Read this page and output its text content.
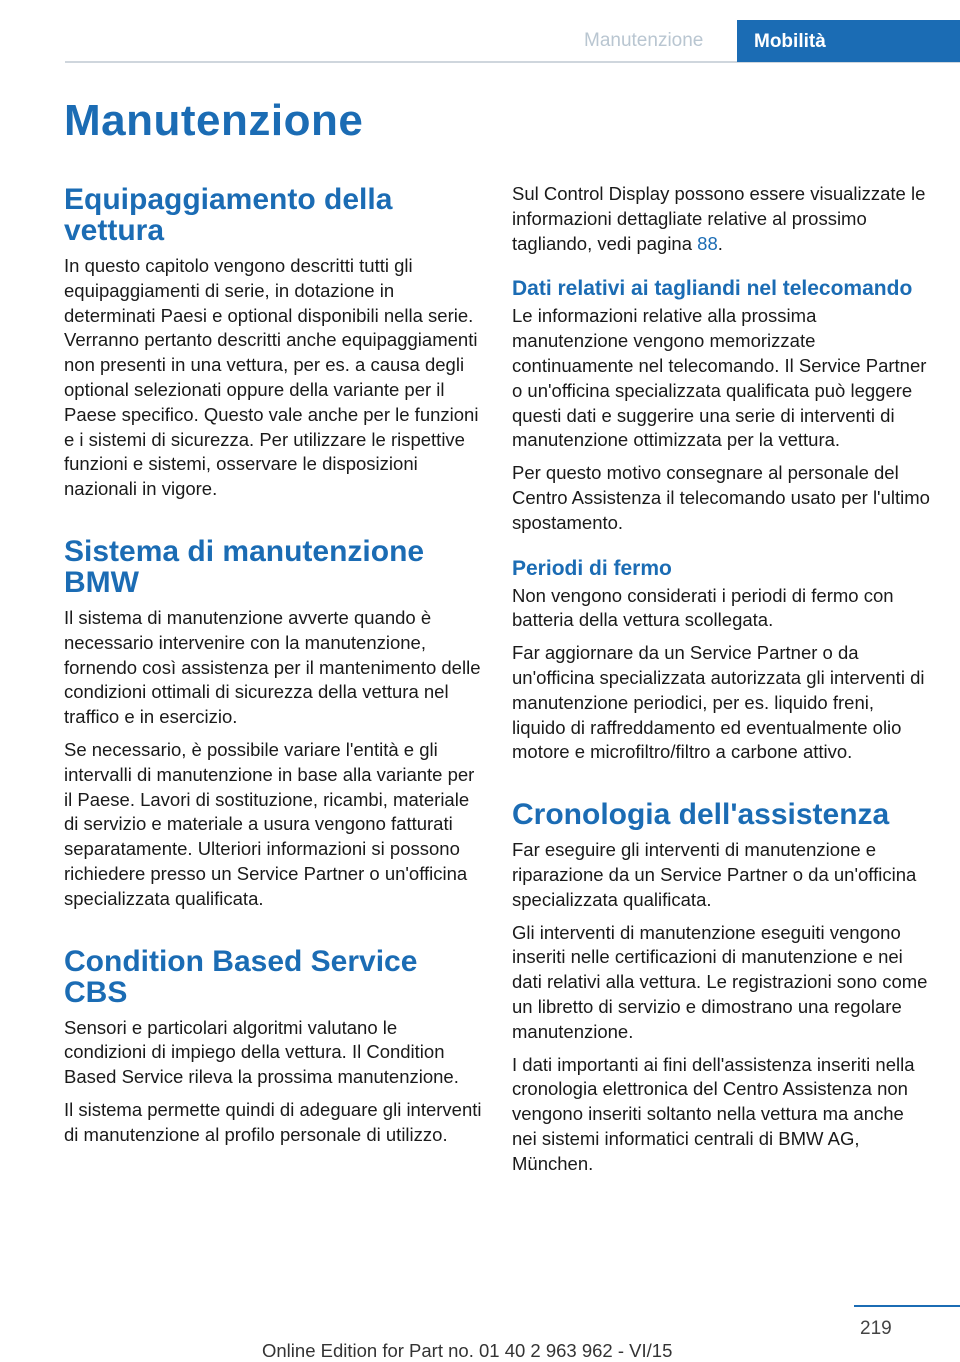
Manutenzione	Mobilità
Manutenzione
Equipaggiamento della vettura

In questo capitolo vengono descritti tutti gli equipaggiamenti di serie, in dotazione in determinati Paesi e optional disponibili nella serie. Verranno pertanto descritti anche equipaggiamenti non presenti in una vettura, per es. a causa degli optional selezionati oppure della variante per il Paese specifico. Questo vale anche per le funzioni e i sistemi di sicurezza. Per utilizzare le rispettive funzioni e sistemi, osservare le disposizioni nazionali in vigore.

Sistema di manutenzione BMW

Il sistema di manutenzione avverte quando è necessario intervenire con la manutenzione, fornendo così assistenza per il mantenimento delle condizioni ottimali di sicurezza della vettura nel traffico e in esercizio.

Se necessario, è possibile variare l'entità e gli intervalli di manutenzione in base alla variante per il Paese. Lavori di sostituzione, ricambi, materiale di servizio e materiale a usura vengono fatturati separatamente. Ulteriori informazioni si possono richiedere presso un Service Partner o un'officina specializzata qualificata.

Condition Based Service CBS

Sensori e particolari algoritmi valutano le condizioni di impiego della vettura. Il Condition Based Service rileva la prossima manutenzione.

Il sistema permette quindi di adeguare gli interventi di manutenzione al profilo personale di utilizzo.

Sul Control Display possono essere visualizzate le informazioni dettagliate relative al prossimo tagliando, vedi pagina 88.

Dati relativi ai tagliandi nel telecomando

Le informazioni relative alla prossima manutenzione vengono memorizzate continuamente nel telecomando. Il Service Partner o un'officina specializzata qualificata può leggere questi dati e suggerire una serie di interventi di manutenzione ottimizzata per la vettura.

Per questo motivo consegnare al personale del Centro Assistenza il telecomando usato per l'ultimo spostamento.

Periodi di fermo

Non vengono considerati i periodi di fermo con batteria della vettura scollegata.

Far aggiornare da un Service Partner o da un'officina specializzata autorizzata gli interventi di manutenzione periodici, per es. liquido freni, liquido di raffreddamento ed eventualmente olio motore e microfiltro/filtro a carbone attivo.

Cronologia dell'assistenza

Far eseguire gli interventi di manutenzione e riparazione da un Service Partner o da un'officina specializzata qualificata.

Gli interventi di manutenzione eseguiti vengono inseriti nelle certificazioni di manutenzione e nei dati relativi alla vettura. Le registrazioni sono come un libretto di servizio e dimostrano una regolare manutenzione.

I dati importanti ai fini dell'assistenza inseriti nella cronologia elettronica del Centro Assistenza non vengono inseriti soltanto nella vettura ma anche nei sistemi informatici centrali di BMW AG, München.

219
Online Edition for Part no. 01 40 2 963 962 - VI/15
